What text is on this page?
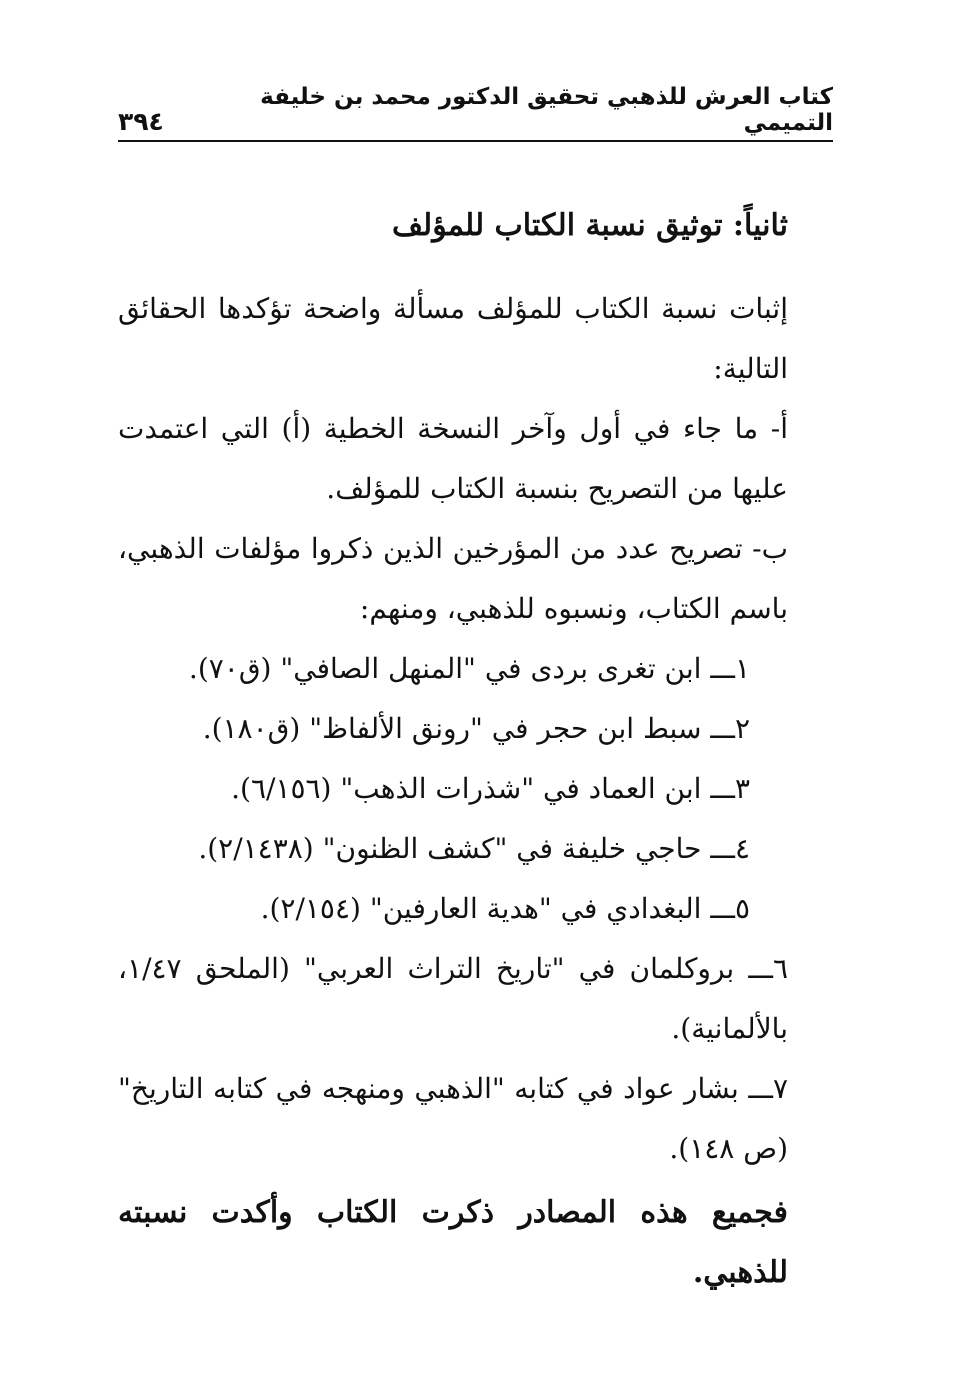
كتاب العرش للذهبي تحقيق الدكتور محمد بن خليفة التميمي
٣٩٤
ثانياً: توثيق نسبة الكتاب للمؤلف

إثبات نسبة الكتاب للمؤلف مسألة واضحة تؤكدها الحقائق التالية:

أ- ما جاء في أول وآخر النسخة الخطية (أ) التي اعتمدت عليها من التصريح بنسبة الكتاب للمؤلف.

ب- تصريح عدد من المؤرخين الذين ذكروا مؤلفات الذهبي، باسم الكتاب، ونسبوه للذهبي، ومنهم:

١ـــ ابن تغرى بردى في "المنهل الصافي" (ق٧٠).

٢ـــ سبط ابن حجر في "رونق الألفاظ" (ق١٨٠).

٣ـــ ابن العماد في "شذرات الذهب" (٦/١٥٦).

٤ـــ حاجي خليفة في "كشف الظنون" (٢/١٤٣٨).

٥ـــ البغدادي في "هدية العارفين" (٢/١٥٤).

٦ـــ بروكلمان في "تاريخ التراث العربي" (الملحق ١/٤٧، بالألمانية).

٧ـــ بشار عواد في كتابه "الذهبي ومنهجه في كتابه التاريخ" (ص ١٤٨).

فجميع هذه المصادر ذكرت الكتاب وأكدت نسبته للذهبي.
